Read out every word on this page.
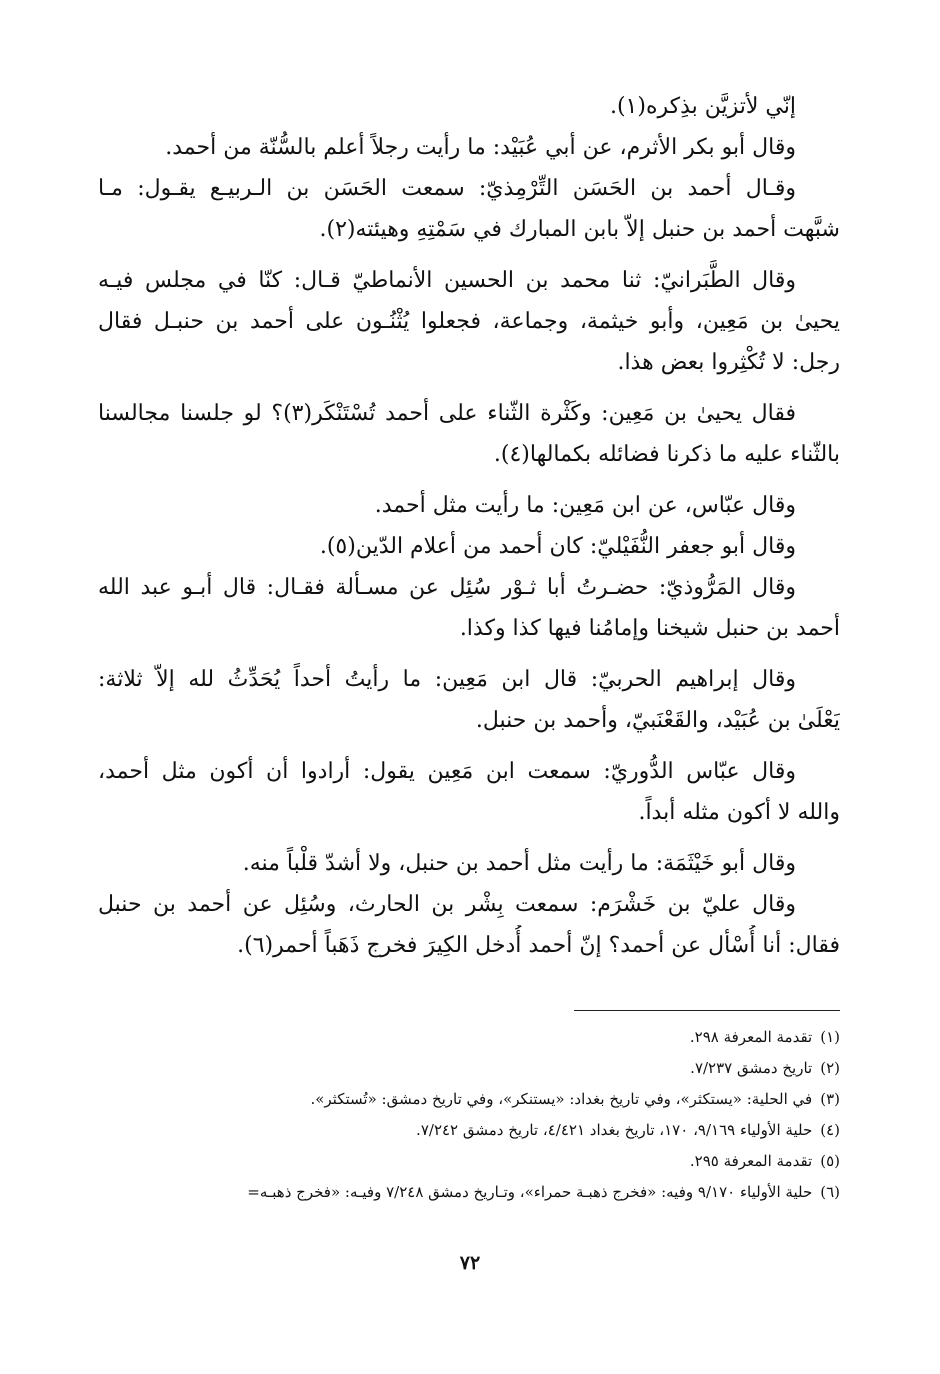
إنّي لأتزيَّن بذِكره(١).
وقال أبو بكر الأثرم، عن أبي عُبَيْد: ما رأيت رجلاً أعلم بالسُّنّة من أحمد.
وقـال أحمد بن الحَسَن التِّرْمِذيّ: سمعت الحَسَن بن الـربيـع يقـول: مـا
شبَّهت أحمد بن حنبل إلاّ بابن المبارك في سَمْتِهِ وهيئته(٢).
وقال الطَّبَرانيّ: ثنا محمد بن الحسين الأنماطيّ قـال: كنّا في مجلس فيـه
يحيىٰ بن مَعِين، وأبو خيثمة، وجماعة، فجعلوا يُثْنُـون على أحمد بن حنبـل فقال
رجل: لا تُكْثِروا بعض هذا.
فقال يحيىٰ بن مَعِين: وكَثْرة الثّناء على أحمد تُسْتَنْكَر(٣)؟ لو جلسنا مجالسنا
بالثّناء عليه ما ذكرنا فضائله بكمالها(٤).
وقال عبّاس، عن ابن مَعِين: ما رأيت مثل أحمد.
وقال أبو جعفر النُّفَيْليّ: كان أحمد من أعلام الدّين(٥).
وقال المَرُّوذيّ: حضـرتُ أبا ثـوْر سُئِل عن مسـألة فقـال: قال أبـو عبد الله
أحمد بن حنبل شيخنا وإمامُنا فيها كذا وكذا.
وقال إبراهيم الحربيّ: قال ابن مَعِين: ما رأيتُ أحداً يُحَدِّثُ لله إلاّ ثلاثة:
يَعْلَىٰ بن عُبَيْد، والقَعْنَبيّ، وأحمد بن حنبل.
وقال عبّاس الدُّوريّ: سمعت ابن مَعِين يقول: أرادوا أن أكون مثل أحمد،
والله لا أكون مثله أبداً.
وقال أبو خَيْثَمَة: ما رأيت مثل أحمد بن حنبل، ولا أشدّ قلْباً منه.
وقال عليّ بن خَشْرَم: سمعت بِشْر بن الحارث، وسُئِل عن أحمد بن حنبل
فقال: أنا أُسْأل عن أحمد؟ إنّ أحمد أُدخل الكِيرَ فخرج ذَهَباً أحمر(٦).
(١)تقدمة المعرفة ٢٩٨.
(٢)تاريخ دمشق ٧/٢٣٧.
(٣)في الحلية: «يستكثر»، وفي تاريخ بغداد: «يستنكر»، وفي تاريخ دمشق: «تُستكثر».
(٤)حلية الأولياء ٩/١٦٩، ١٧٠، تاريخ بغداد ٤/٤٢١، تاريخ دمشق ٧/٢٤٢.
(٥)تقدمة المعرفة ٢٩٥.
(٦)حلية الأولياء ٩/١٧٠ وفيه: «فخرج ذهبـة حمراء»، وتـاريخ دمشق ٧/٢٤٨ وفيـه: «فخرج ذهبـه=
٧٢
